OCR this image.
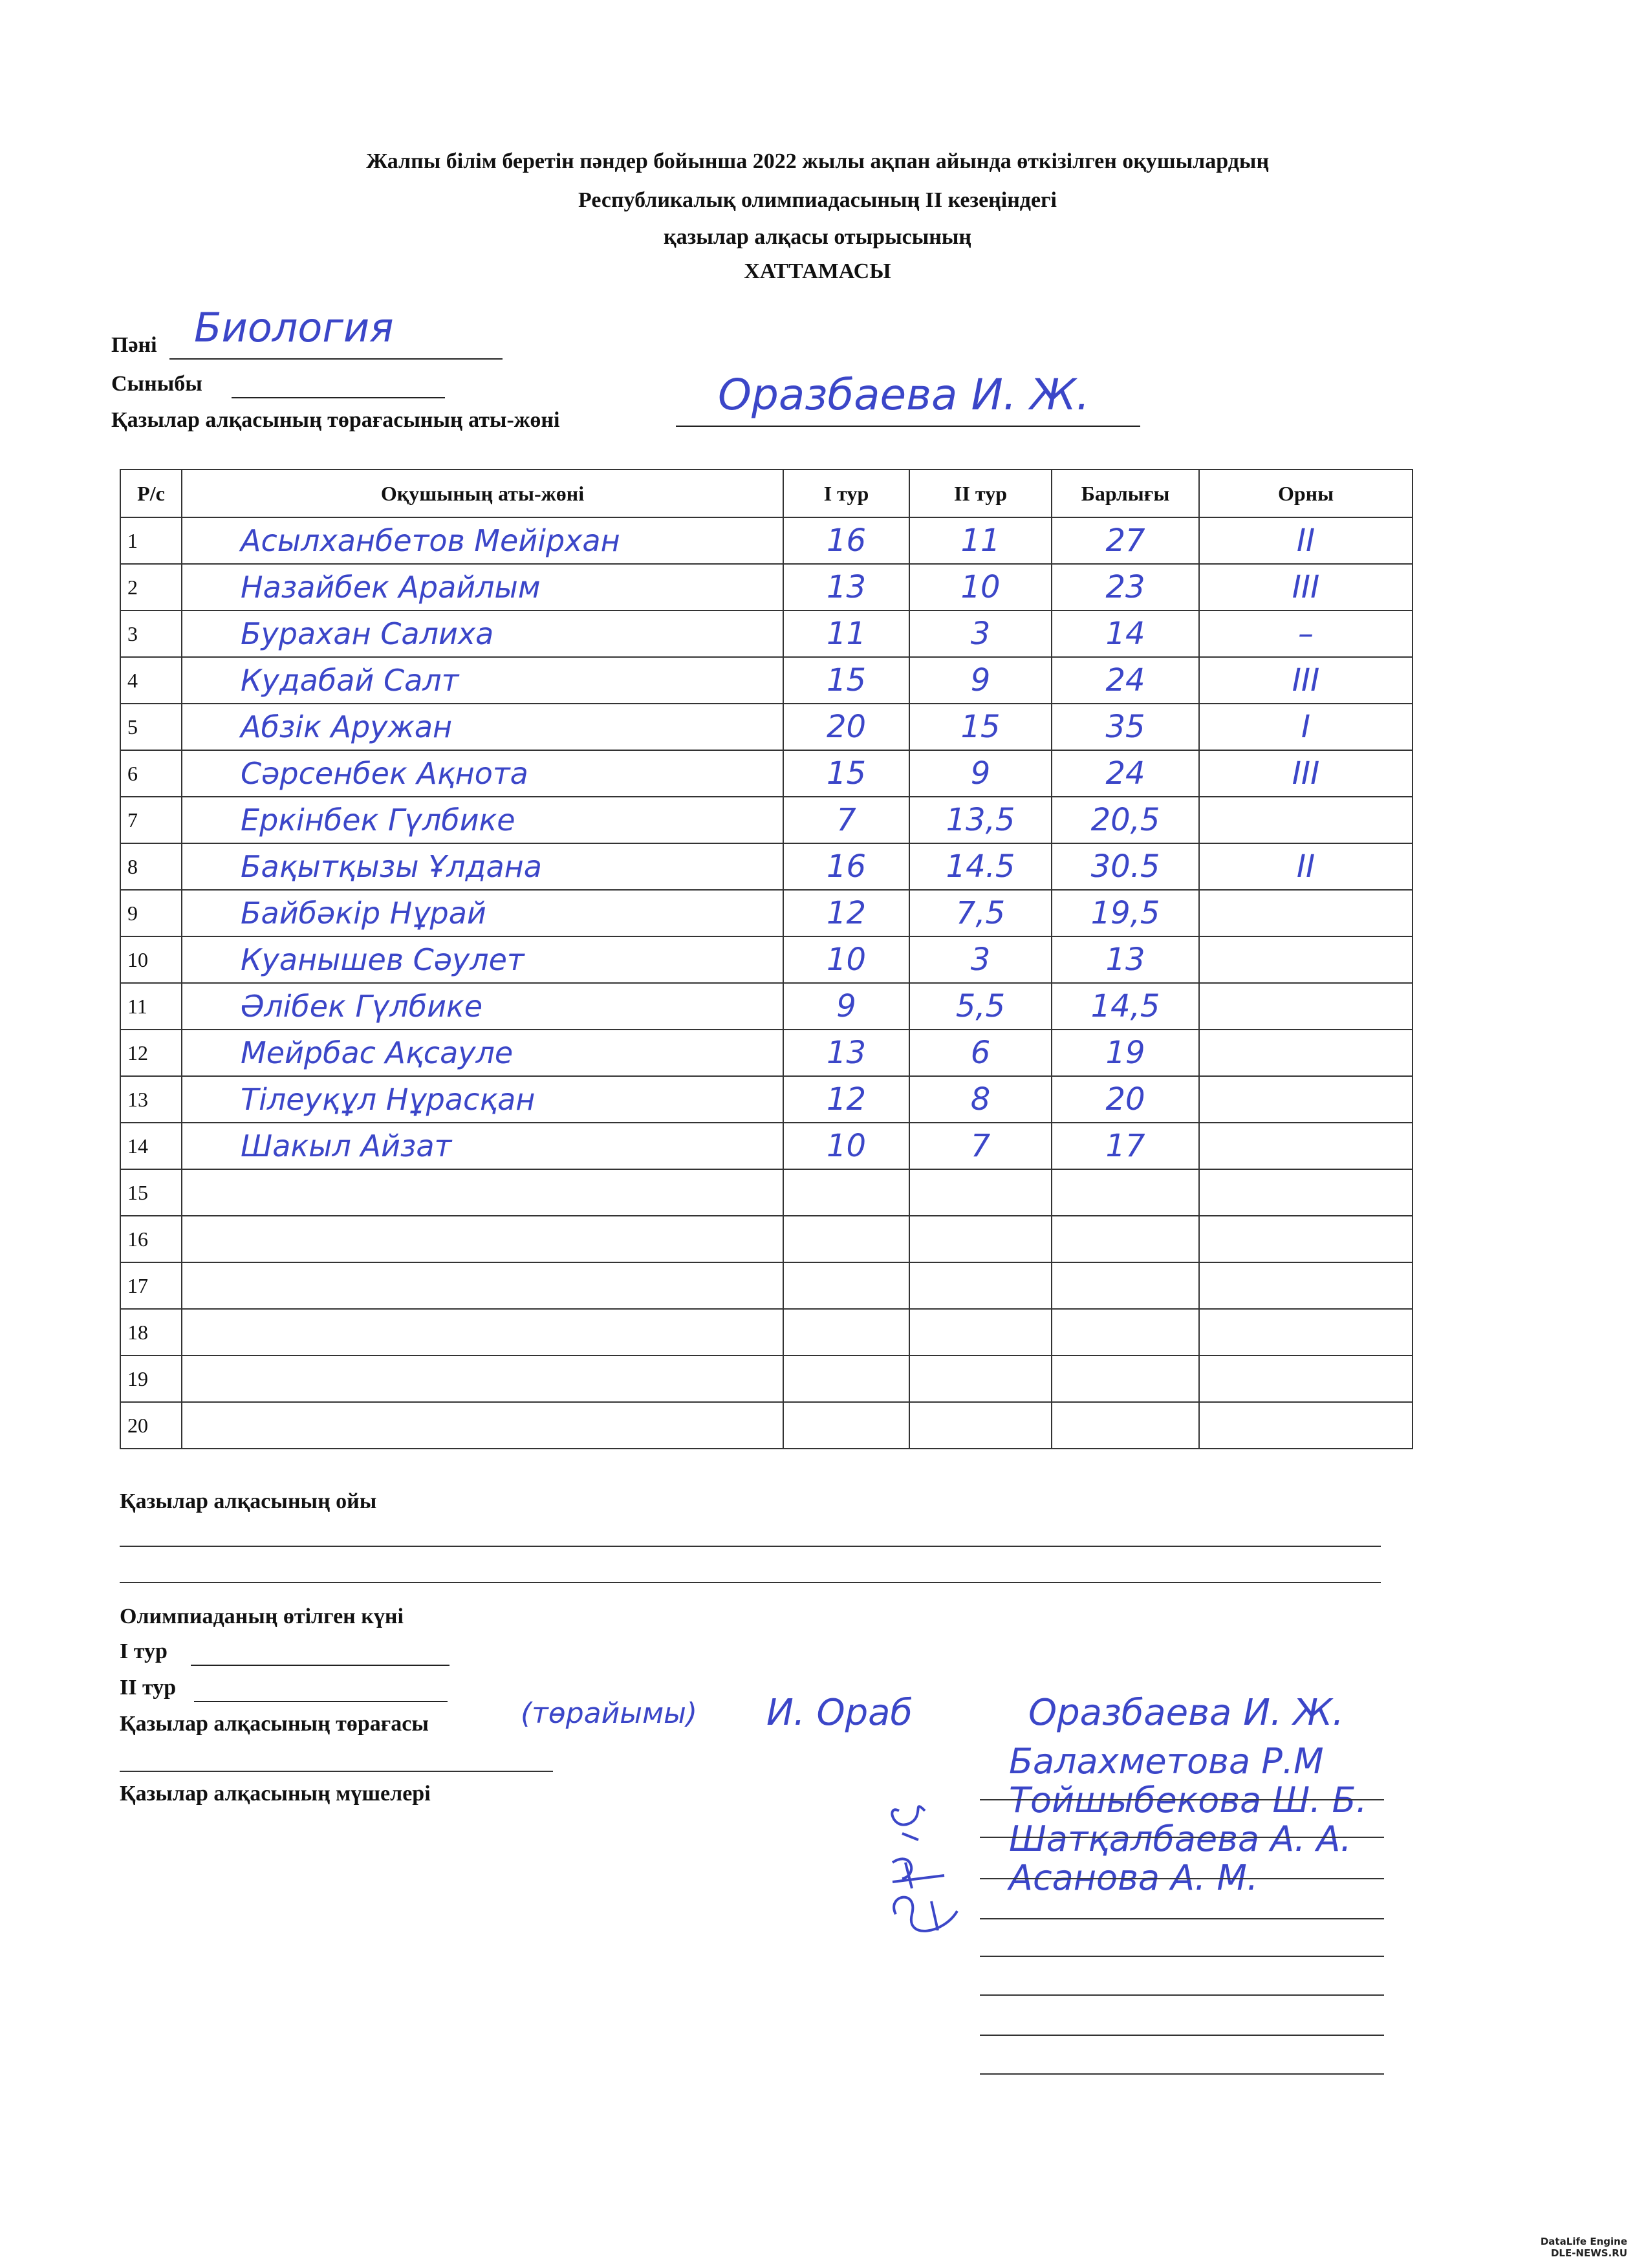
Жалпы білім беретін пәндер бойынша 2022 жылы ақпан айында өткізілген оқушылардың
Республикалық олимпиадасының ІІ кезеңіндегі
қазылар алқасы отырысының
ХАТТАМАСЫ
Пәні Биология
Сыныбы
Қазылар алқасының төрағасының аты-жөні
Оразбаева И. Ж.
Р/с	Оқушының аты-жөні	І тур	ІІ тур	Барлығы	Орны
1	Асылханбетов Мейірхан	16	11	27	ІІ
2	Назайбек Арайлым	13	10	23	ІІІ
3	Бурахан Салиха	11	3	14	–
4	Кудабай Салт	15	9	24	ІІІ
5	Абзік Аружан	20	15	35	І
6	Сәрсенбек Ақнота	15	9	24	ІІІ
7	Еркінбек Гүлбике	7	13,5	20,5	
8	Бақытқызы Ұлдана	16	14.5	30.5	ІІ
9	Байбәкір Нұрай	12	7,5	19,5	
10	Куанышев Сәулет	10	3	13	
11	Әлібек Гүлбике	9	5,5	14,5	
12	Мейрбас Ақсауле	13	6	19	
13	Тілеуқұл Нұрасқан	12	8	20	
14	Шакыл Айзат	10	7	17	
15					
16					
17					
18					
19					
20					
Қазылар алқасының ойы
Олимпиаданың өтілген күні
І тур
ІІ тур
Қазылар алқасының төрағасы	(төрайымы) И. Ораб	Оразбаева И. Ж.
Қазылар алқасының мүшелері
Балахметова Р.М
Тойшыбекова Ш. Б.
Шатқалбаева А. А.
Асанова А. М.
DataLife Engine
DLE-NEWS.RU
